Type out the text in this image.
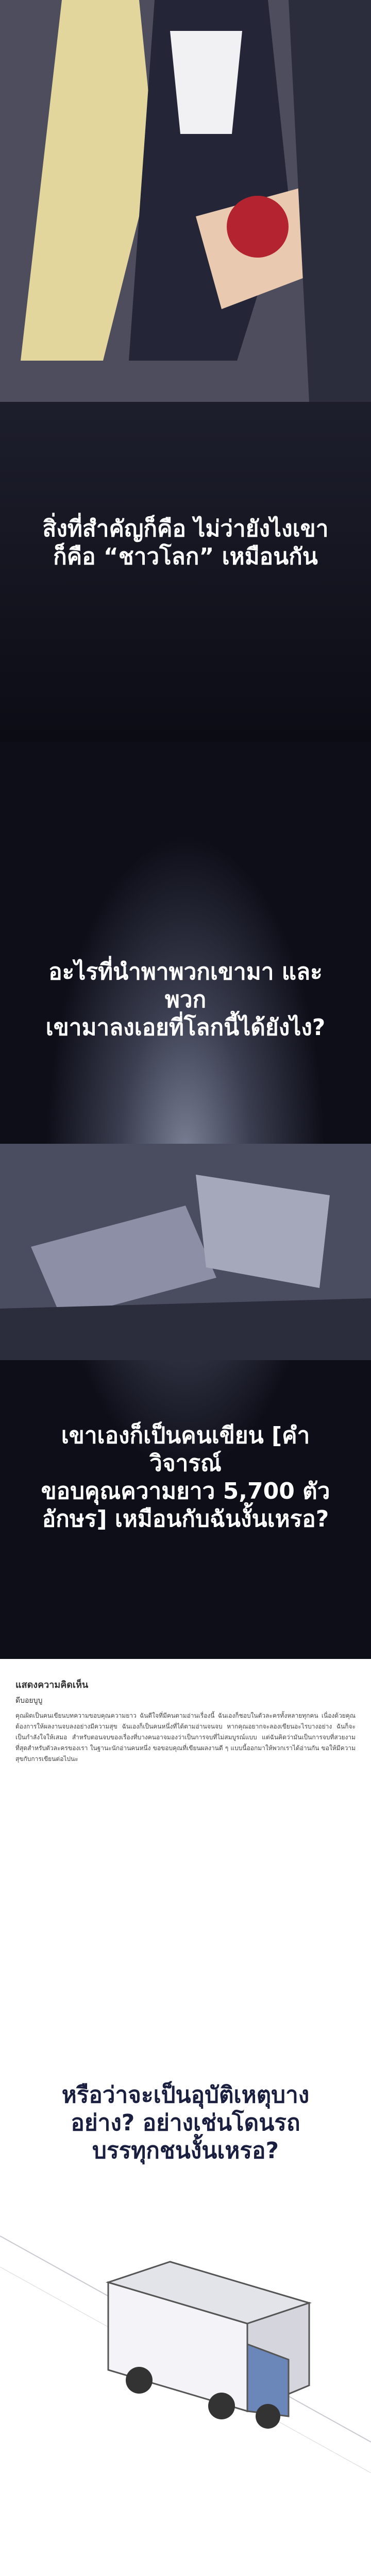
สิ่งที่สำคัญก็คือ ไม่ว่ายังไงเขา
ก็คือ “ชาวโลก” เหมือนกัน
อะไรที่นำพาพวกเขามา และพวก
เขามาลงเอยที่โลกนี้ได้ยังไง?
เขาเองก็เป็นคนเขียน [คำวิจารณ์
ขอบคุณความยาว 5,700 ตัว
อักษร] เหมือนกับฉันงั้นเหรอ?
แสดงความคิดเห็น
ดีบอยบูบู
คุณผิดเป็นคนเขียนบทความขอบคุณความยาว ฉันดีใจที่มีคนตามอ่านเรื่องนี้ ฉันเองก็ชอบในตัวละครทั้งหลายทุกคน เนื่องด้วยคุณต้องการให้ผลงานจบลงอย่างมีความสุข ฉันเองก็เป็นคนหนึ่งที่ได้ตามอ่านจนจบ หากคุณอยากจะลองเขียนอะไรบางอย่าง ฉันก็จะเป็นกำลังใจให้เสมอ สำหรับตอนจบของเรื่องที่บางคนอาจมองว่าเป็นการจบที่ไม่สมบูรณ์แบบ แต่ฉันคิดว่ามันเป็นการจบที่สวยงามที่สุดสำหรับตัวละครของเรา ในฐานะนักอ่านคนหนึ่ง ขอขอบคุณที่เขียนผลงานดี ๆ แบบนี้ออกมาให้พวกเราได้อ่านกัน ขอให้มีความสุขกับการเขียนต่อไปนะ
หรือว่าจะเป็นอุบัติเหตุบาง
อย่าง? อย่างเช่นโดนรถ
บรรทุกชนงั้นเหรอ?
